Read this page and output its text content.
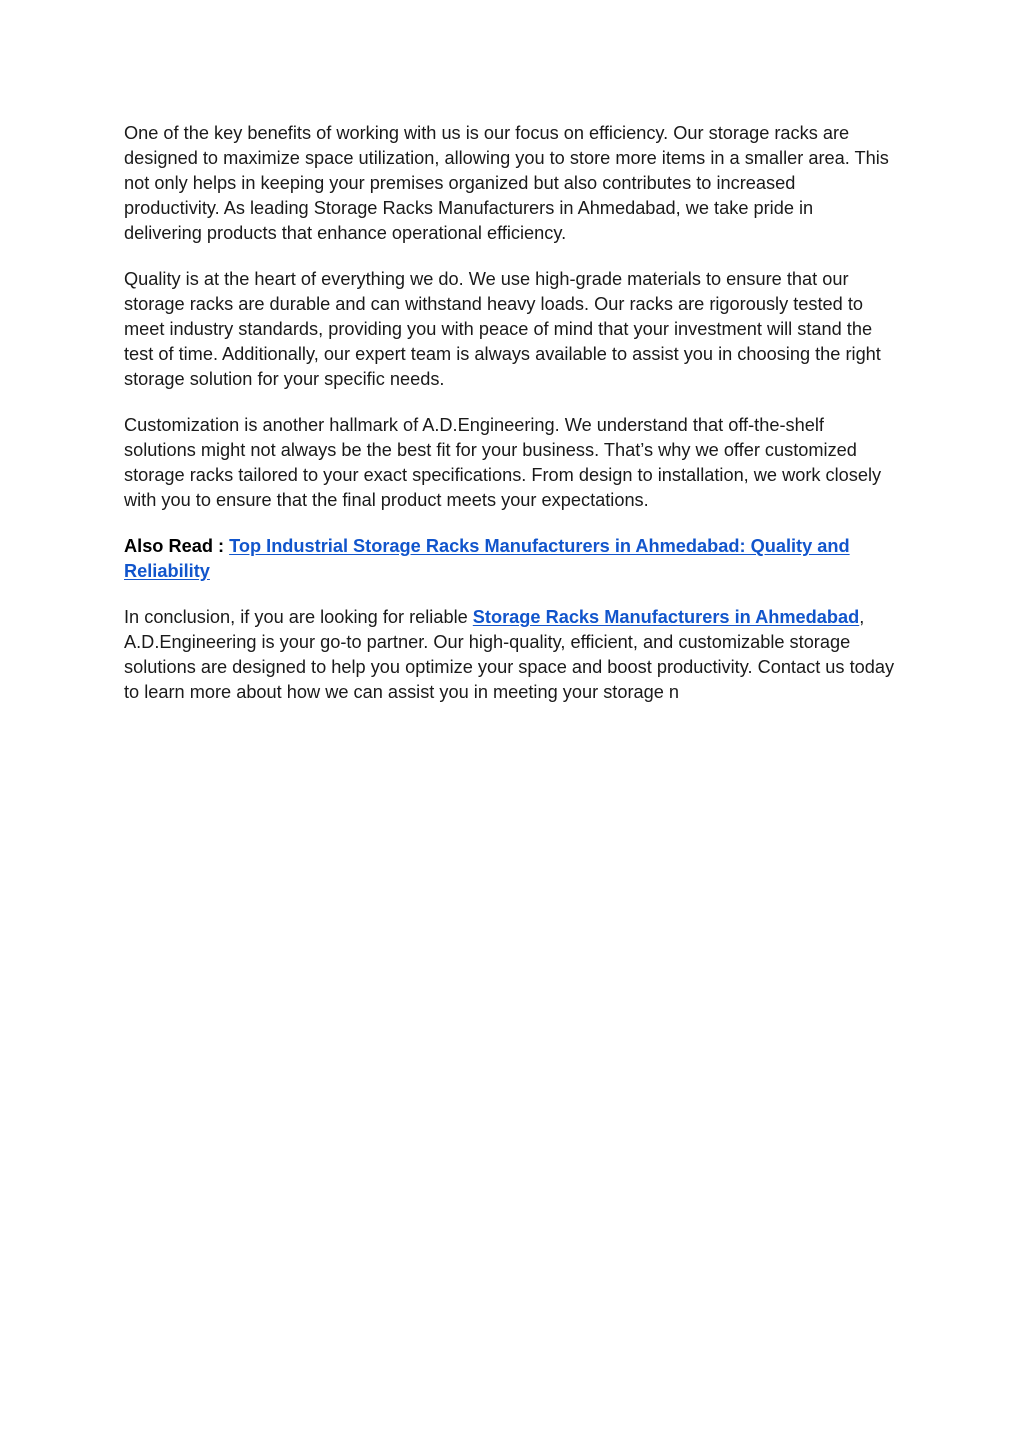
One of the key benefits of working with us is our focus on efficiency. Our storage racks are designed to maximize space utilization, allowing you to store more items in a smaller area. This not only helps in keeping your premises organized but also contributes to increased productivity. As leading Storage Racks Manufacturers in Ahmedabad, we take pride in delivering products that enhance operational efficiency.

Quality is at the heart of everything we do. We use high-grade materials to ensure that our storage racks are durable and can withstand heavy loads. Our racks are rigorously tested to meet industry standards, providing you with peace of mind that your investment will stand the test of time. Additionally, our expert team is always available to assist you in choosing the right storage solution for your specific needs.

Customization is another hallmark of A.D.Engineering. We understand that off-the-shelf solutions might not always be the best fit for your business. That’s why we offer customized storage racks tailored to your exact specifications. From design to installation, we work closely with you to ensure that the final product meets your expectations.

Also Read : Top Industrial Storage Racks Manufacturers in Ahmedabad: Quality and Reliability

In conclusion, if you are looking for reliable Storage Racks Manufacturers in Ahmedabad, A.D.Engineering is your go-to partner. Our high-quality, efficient, and customizable storage solutions are designed to help you optimize your space and boost productivity. Contact us today to learn more about how we can assist you in meeting your storage n
